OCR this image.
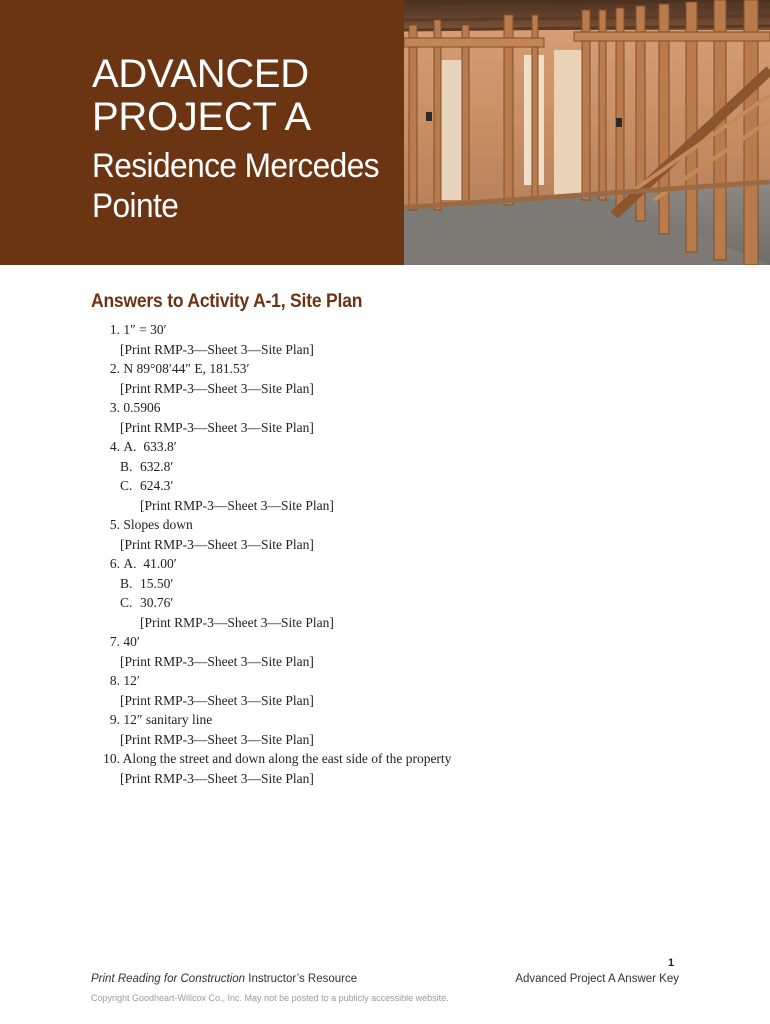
ADVANCED
PROJECT A
Residence Mercedes
Pointe
Answers to Activity A-1, Site Plan
1. 1″ = 30′
[Print RMP-3—Sheet 3—Site Plan]
2. N 89°08′44″ E, 181.53′
[Print RMP-3—Sheet 3—Site Plan]
3. 0.5906
[Print RMP-3—Sheet 3—Site Plan]
4. A. 633.8′
B. 632.8′
C. 624.3′
[Print RMP-3—Sheet 3—Site Plan]
5. Slopes down
[Print RMP-3—Sheet 3—Site Plan]
6. A. 41.00′
B. 15.50′
C. 30.76′
[Print RMP-3—Sheet 3—Site Plan]
7. 40′
[Print RMP-3—Sheet 3—Site Plan]
8. 12′
[Print RMP-3—Sheet 3—Site Plan]
9. 12″ sanitary line
[Print RMP-3—Sheet 3—Site Plan]
10. Along the street and down along the east side of the property
[Print RMP-3—Sheet 3—Site Plan]
1
Print Reading for Construction Instructor’s Resource	Advanced Project A Answer Key
Copyright Goodheart-Willcox Co., Inc. May not be posted to a publicly accessible website.
